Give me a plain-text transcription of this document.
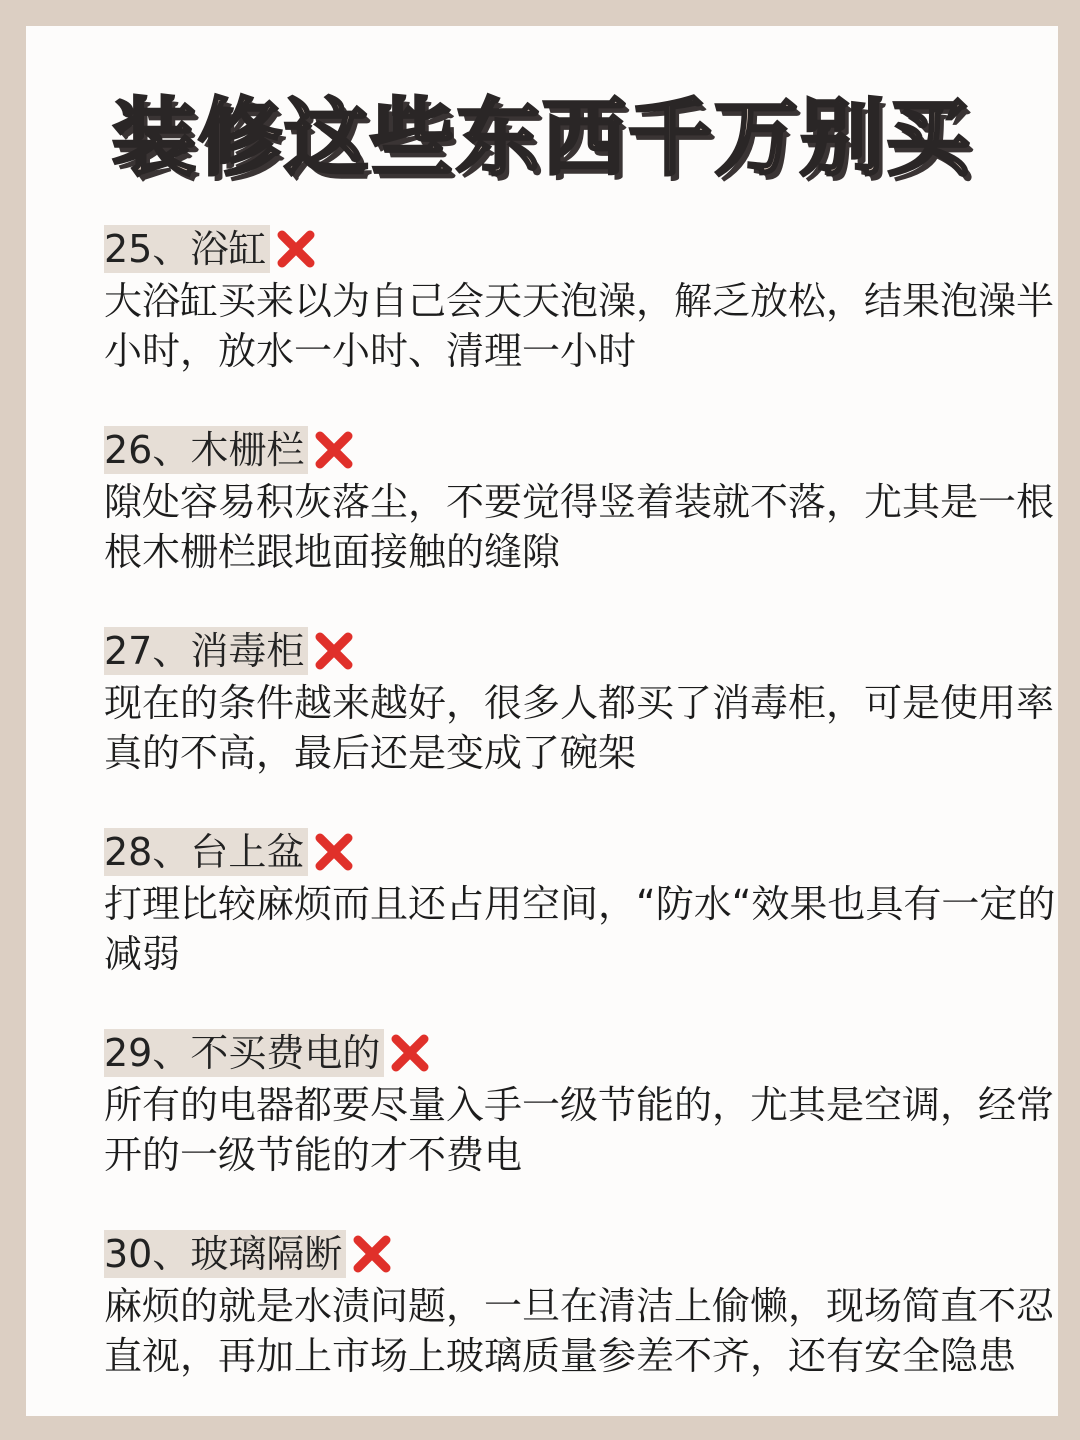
装修这些东西千万别买
25、浴缸
大浴缸买来以为自己会天天泡澡，解乏放松，结果泡澡半小时，放水一小时、清理一小时
26、木栅栏
隙处容易积灰落尘，不要觉得竖着装就不落，尤其是一根根木栅栏跟地面接触的缝隙
27、消毒柜
现在的条件越来越好，很多人都买了消毒柜，可是使用率真的不高，最后还是变成了碗架
28、台上盆
打理比较麻烦而且还占用空间，“防水“效果也具有一定的减弱
29、不买费电的
所有的电器都要尽量入手一级节能的，尤其是空调，经常开的一级节能的才不费电
30、玻璃隔断
麻烦的就是水渍问题，一旦在清洁上偷懒，现场简直不忍直视，再加上市场上玻璃质量参差不齐，还有安全隐患
